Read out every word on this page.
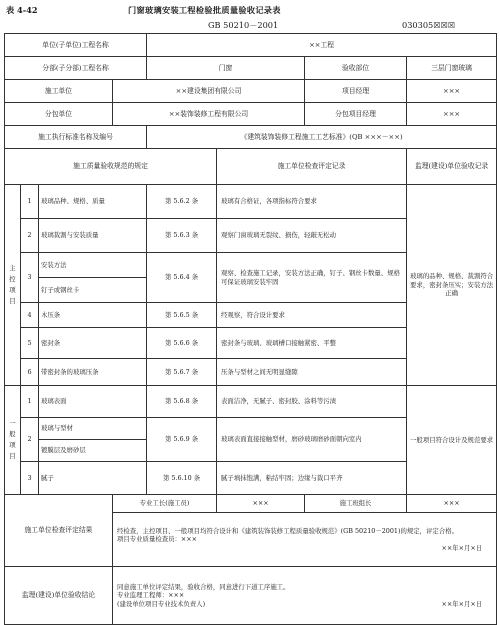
表 4-42	门窗玻璃安装工程检验批质量验收记录表
GB 50210－2001	030305☒☒☒
单位(子单位)工程名称				××工程			
分部(子分部)工程名称				门窗		验收部位	三层门窗玻璃
施工单位			××建设集团有限公司			项目经理	×××
分包单位			××装饰装修工程有限公司			分包项目经理	×××
施工执行标准名称及编号				《建筑装饰装修工程施工工艺标准》(QB ×××－××)			
施工质量验收规范的规定					施工单位检查评定记录		监理(建设)单位验收记录
主控项目	1	玻璃品种、规格、质量		第 5.6.2 条	玻璃有合格证，各项指标符合要求		玻璃的品种、规格、裁割符合要求，密封条压实；安装方法正确
	2	玻璃裁割与安装质量		第 5.6.3 条	观察门窗玻璃无裂纹、损伤，轻敲无松动		
	3	安装方法		第 5.6.4 条	观察、检查施工记录，安装方法正确，钉子、钢丝卡数量、规格可保证玻璃安装牢固		
		钉子或钢丝卡					
	4	木压条		第 5.6.5 条	经观察，符合设计要求		
	5	密封条		第 5.6.6 条	密封条与玻璃、玻璃槽口接触紧密、平整		
	6	带密封条的玻璃压条		第 5.6.7 条	压条与型材之间无明显缝隙		
一般项目	1	玻璃表面		第 5.6.8 条	表面洁净，无腻子、密封胶、涂料等污渍		一般项目符合设计及规范要求
	2	玻璃与型材		第 5.6.9 条	玻璃表面直接接触型材，磨砂玻璃磨砂面朝向室内		
		镀膜层及磨砂层					
	3	腻子		第 5.6.10 条	腻子填抹饱满，粘结牢固；边缘与裁口平齐		
施工单位检查评定结果			专业工长(施工员)		×××	施工班组长	×××

			经检查，主控项目、一般项目均符合设计和《建筑装饰装修工程质量验收规范》(GB 50210－2001)的规定，评定合格。
项目专业质量检查员：×××
××年×月×日				

监理(建设)单位验收结论			同意施工单位评定结果，验收合格，同意进行下道工序施工。
专业监理工程师：×××
(建设单位项目专业技术负责人) ××年×月×日				
